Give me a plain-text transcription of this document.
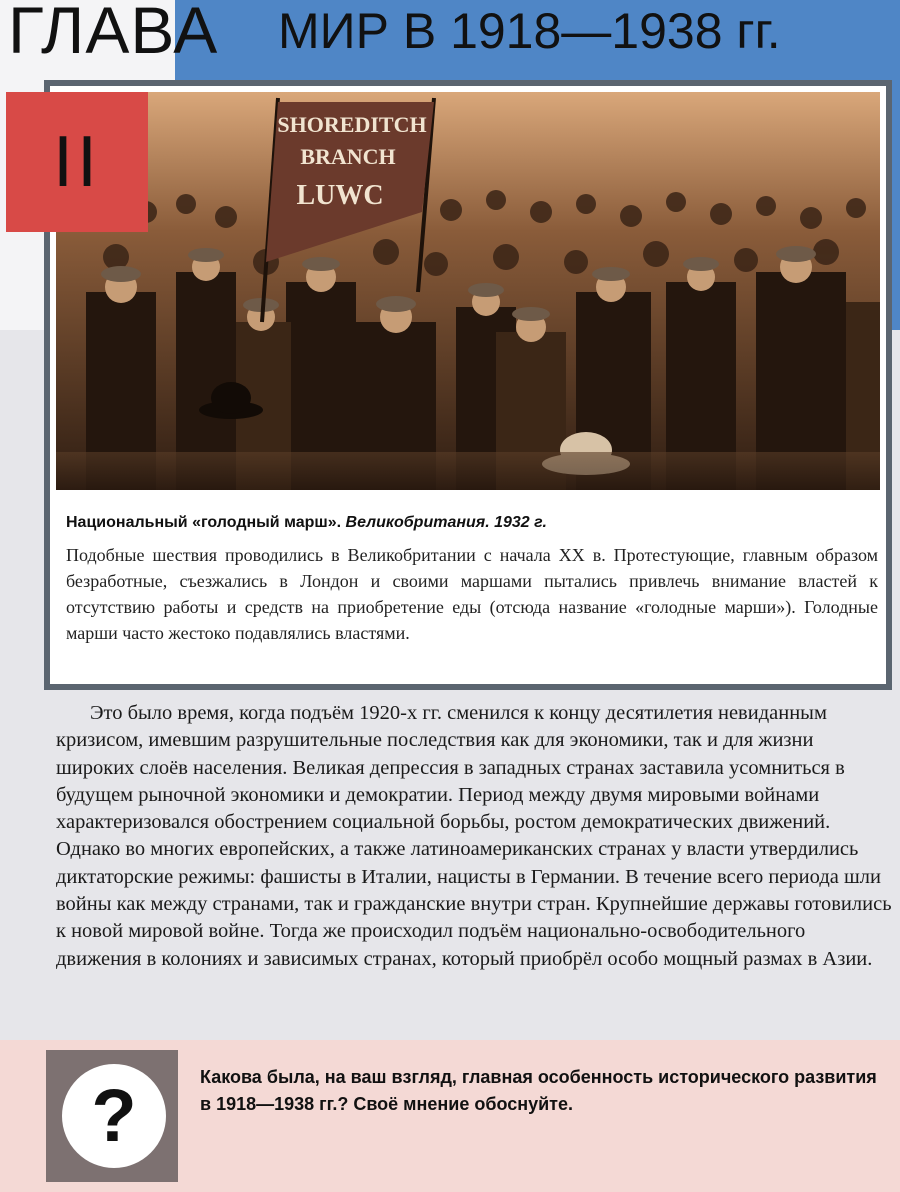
ГЛАВА МИР В 1918—1938 гг.
SHOREDITCH
BRANCH
LUWC

Национальный «голодный марш». Великобритания. 1932 г.

Подобные шествия проводились в Великобритании с начала XX в. Протестующие, главным образом безработные, съезжались в Лондон и своими маршами пытались привлечь внимание властей к отсутствию работы и средств на приобретение еды (отсюда название «голодные марши»). Голодные марши часто жестоко подавлялись властями.

II

Это было время, когда подъём 1920-х гг. сменился к концу десятилетия невиданным кризисом, имевшим разрушительные последствия как для экономики, так и для жизни широких слоёв населения. Великая депрессия в западных странах заставила усомниться в будущем рыночной экономики и демократии. Период между двумя мировыми войнами характеризовался обострением социальной борьбы, ростом демократических движений. Однако во многих европейских, а также латиноамериканских странах у власти утвердились диктаторские режимы: фашисты в Италии, нацисты в Германии. В течение всего периода шли войны как между странами, так и гражданские внутри стран. Крупнейшие державы готовились к новой мировой войне. Тогда же происходил подъём национально-освободительного движения в колониях и зависимых странах, который приобрёл особо мощный размах в Азии.

?	Какова была, на ваш взгляд, главная особенность исторического развития в 1918—1938 гг.? Своё мнение обоснуйте.
